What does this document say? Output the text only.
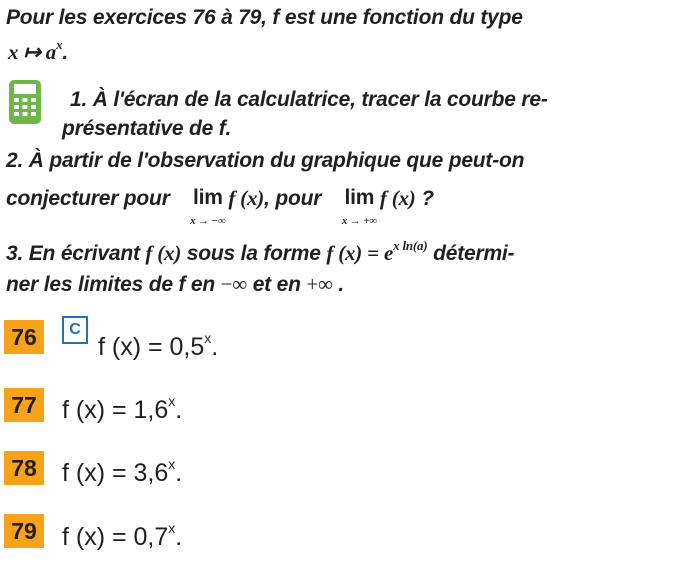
Pour les exercices 76 à 79, f est une fonction du type
x ↦ $a^x$.
1. À l'écran de la calculatrice, tracer la courbe re-
présentative de f.
2. À partir de l'observation du graphique que peut-on
conjecturer pour lim
x → −∞
f (x), pour lim
x → +∞
f (x) ?
3. En écrivant f (x) sous la forme f $(x) = e^{x ln(a)}$ détermi-
ner les limites de f en −∞ et en +∞ .
76	C
f $(x) = 0,5^x$.
77 f $(x) = 1,6^x$.
78 f $(x) = 3,6^x$.
79 f $(x) = 0,7^x$.
